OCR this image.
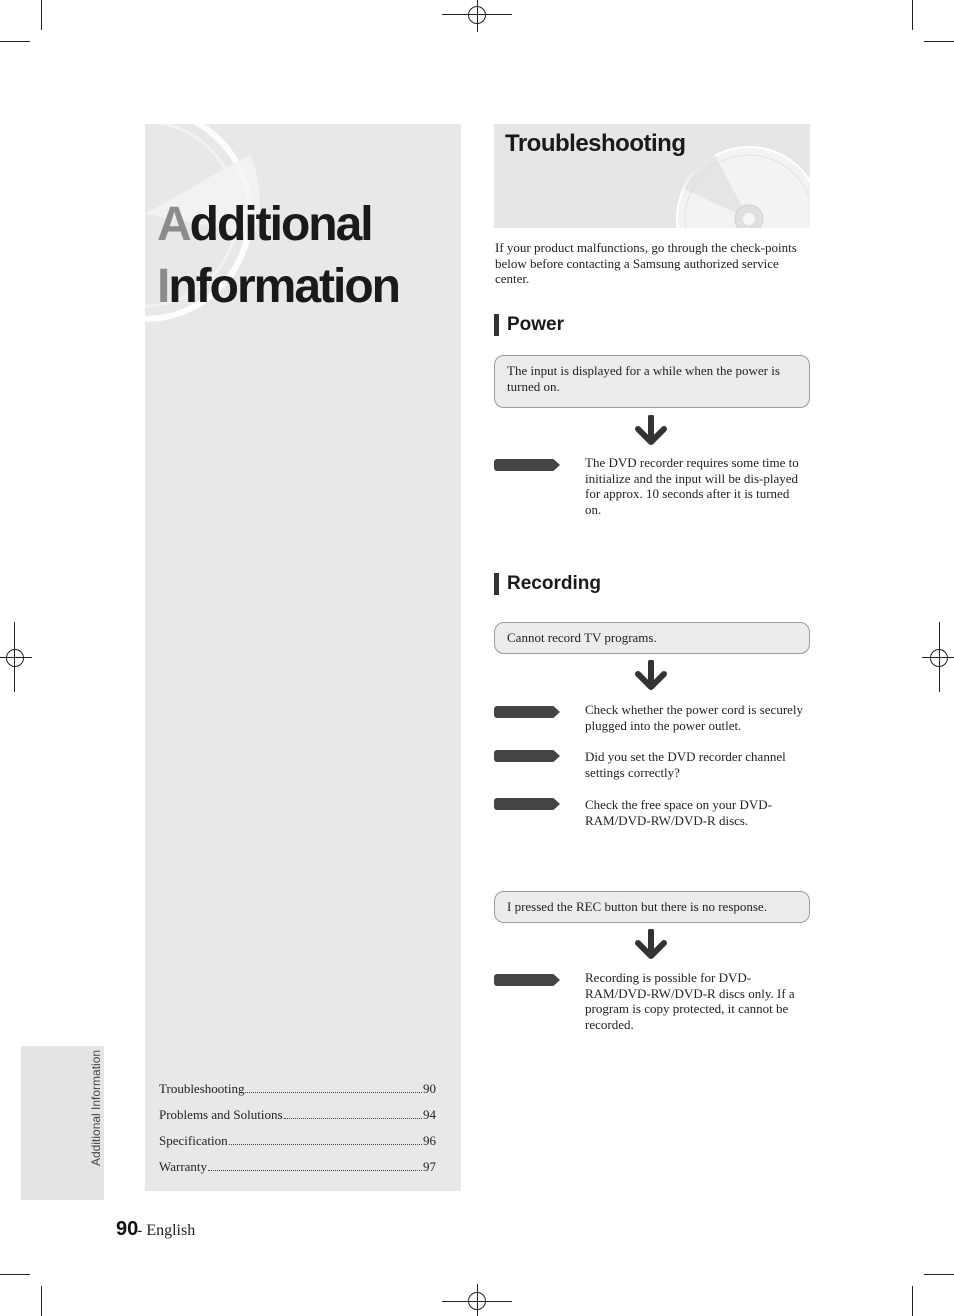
Additional
Information
Troubleshooting	90
Problems and Solutions	94
Specification	96
Warranty	97
Additional Information
90
- English
Troubleshooting
If your product malfunctions, go through the check-points below before contacting a Samsung authorized service center.
Power
The input is displayed for a while when the power is turned on.
The DVD recorder requires some time to initialize and the input will be dis-played for approx. 10 seconds after it is turned on.
Recording
Cannot record TV programs.
Check whether the power cord is securely plugged into the power outlet.
Did you set the DVD recorder channel settings correctly?
Check the free space on your DVD-RAM/DVD-RW/DVD-R discs.
I pressed the REC button but there is no response.
Recording is possible for DVD-RAM/DVD-RW/DVD-R discs only. If a program is copy protected, it cannot be recorded.
